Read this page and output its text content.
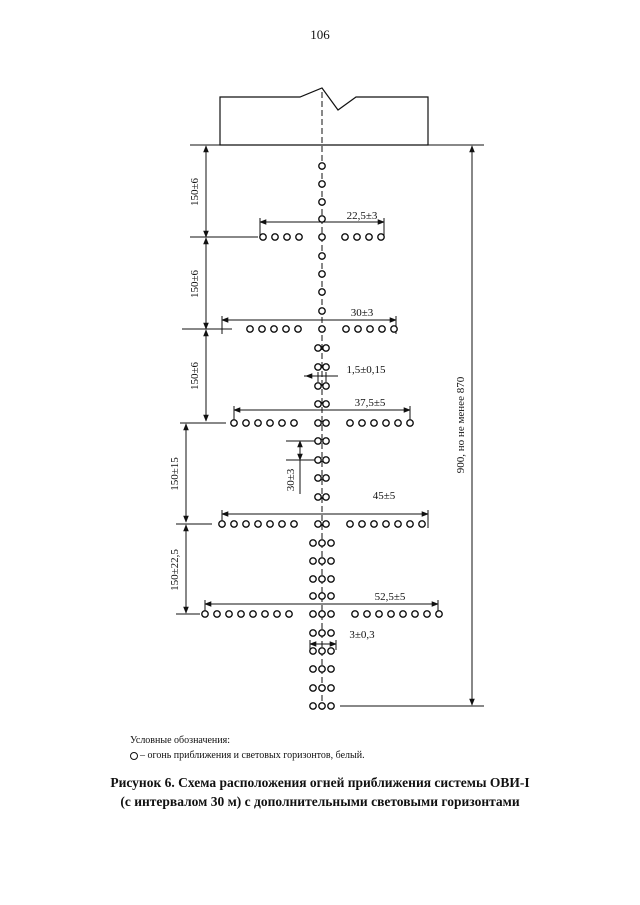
106
150±6
150±6
150±6
150±15
150±22,5
22,5±3
30±3
37,5±5
45±5
52,5±5
30±3
1,5±0,15
3±0,3
900, но не менее 870
Условные обозначения:
– огонь приближения и световых горизонтов, белый.
Рисунок 6. Схема расположения огней приближения системы ОВИ-I
(с интервалом 30 м) с дополнительными световыми горизонтами
